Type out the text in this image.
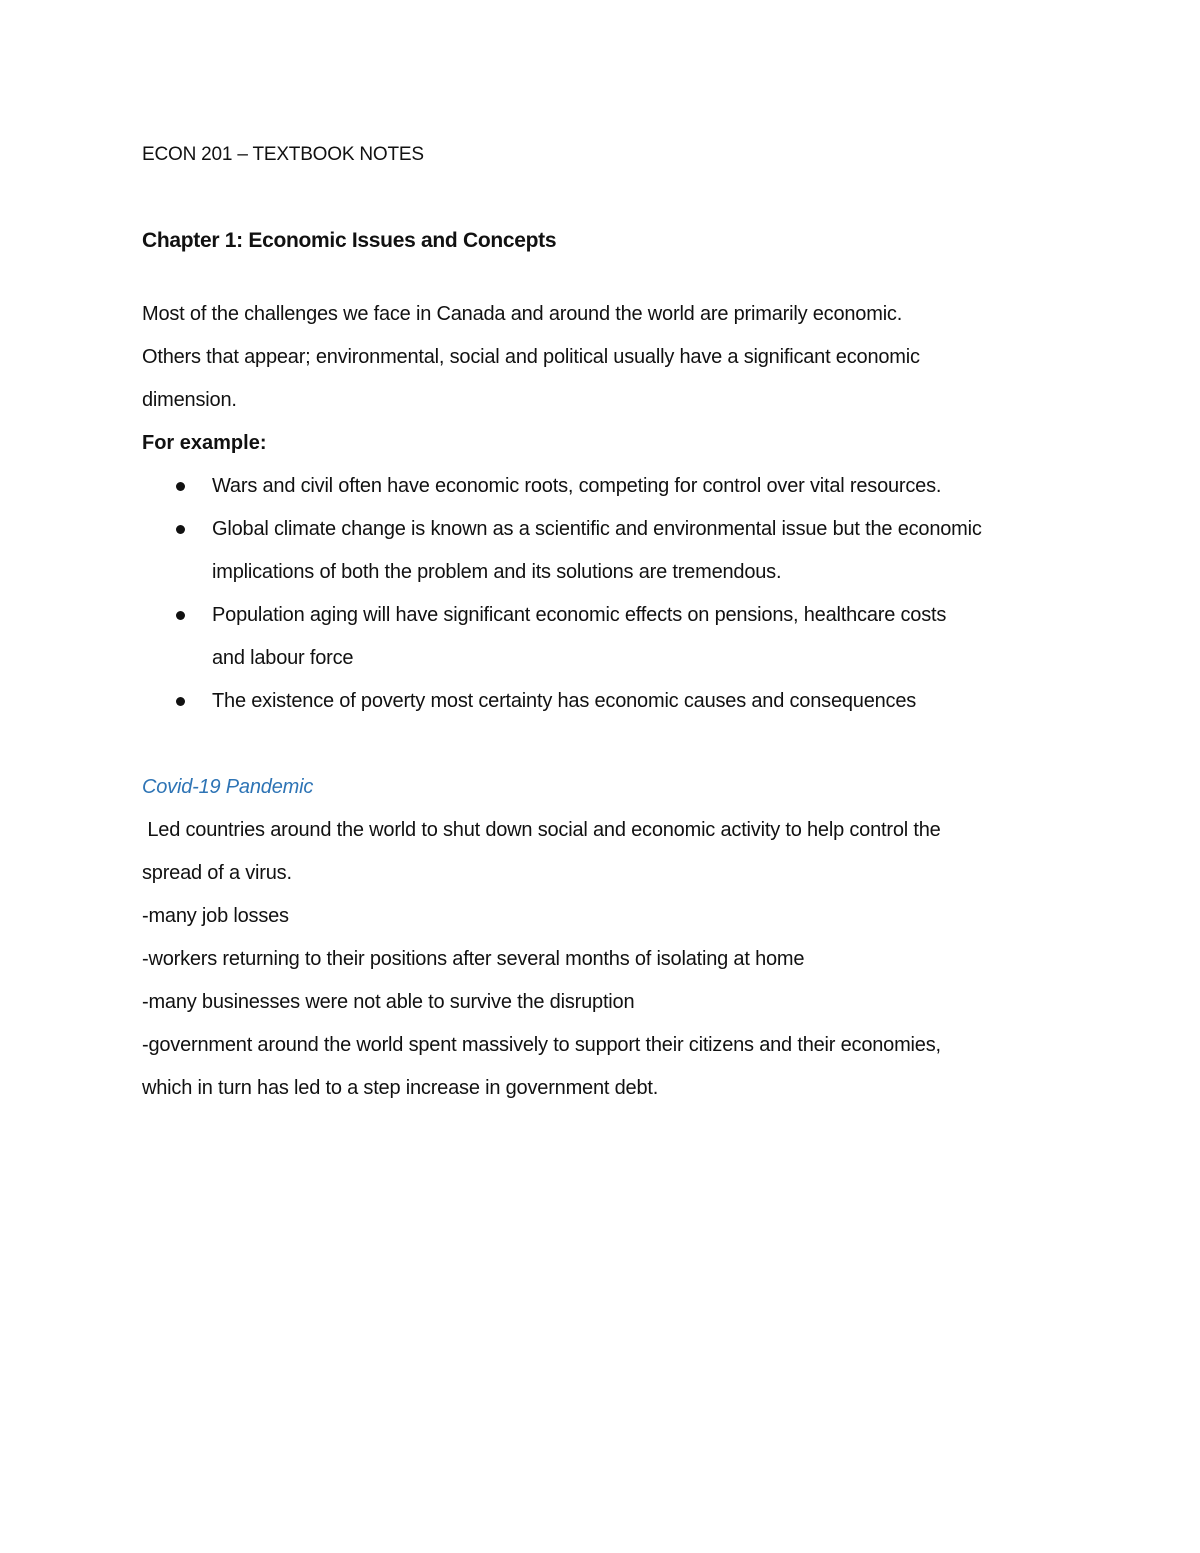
ECON 201 – TEXTBOOK NOTES
Chapter 1: Economic Issues and Concepts
Most of the challenges we face in Canada and around the world are primarily economic.
Others that appear; environmental, social and political usually have a significant economic
dimension.
For example:
Wars and civil often have economic roots, competing for control over vital resources.
Global climate change is known as a scientific and environmental issue but the economic
implications of both the problem and its solutions are tremendous.
Population aging will have significant economic effects on pensions, healthcare costs
and labour force
The existence of poverty most certainty has economic causes and consequences
Covid-19 Pandemic
Led countries around the world to shut down social and economic activity to help control the
spread of a virus.
-many job losses
-workers returning to their positions after several months of isolating at home
-many businesses were not able to survive the disruption
-government around the world spent massively to support their citizens and their economies,
which in turn has led to a step increase in government debt.
